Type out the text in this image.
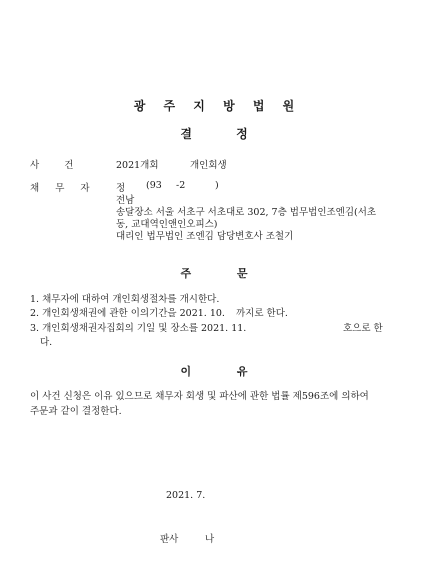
광 주 지 방 법 원
결 정
사 건	2021개회	개인회생
채 무 자	정 (93 -2	)
전남
송달장소 서울 서초구 서초대로 302, 7층 법무법인조엔김(서초
동, 교대역인앤인오피스)
대리인 법무법인 조엔김 담당변호사 조철기
주 문
1. 채무자에 대하여 개인회생절차를 개시한다.
2. 개인회생채권에 관한 이의기간을 2021. 10. 까지로 한다.
3. 개인회생채권자집회의 기일 및 장소를 2021. 11.	호으로 한
다.
이 유
이 사건 신청은 이유 있으므로 채무자 회생 및 파산에 관한 법률 제596조에 의하여
주문과 같이 결정한다.
2021. 7.
판사	나
